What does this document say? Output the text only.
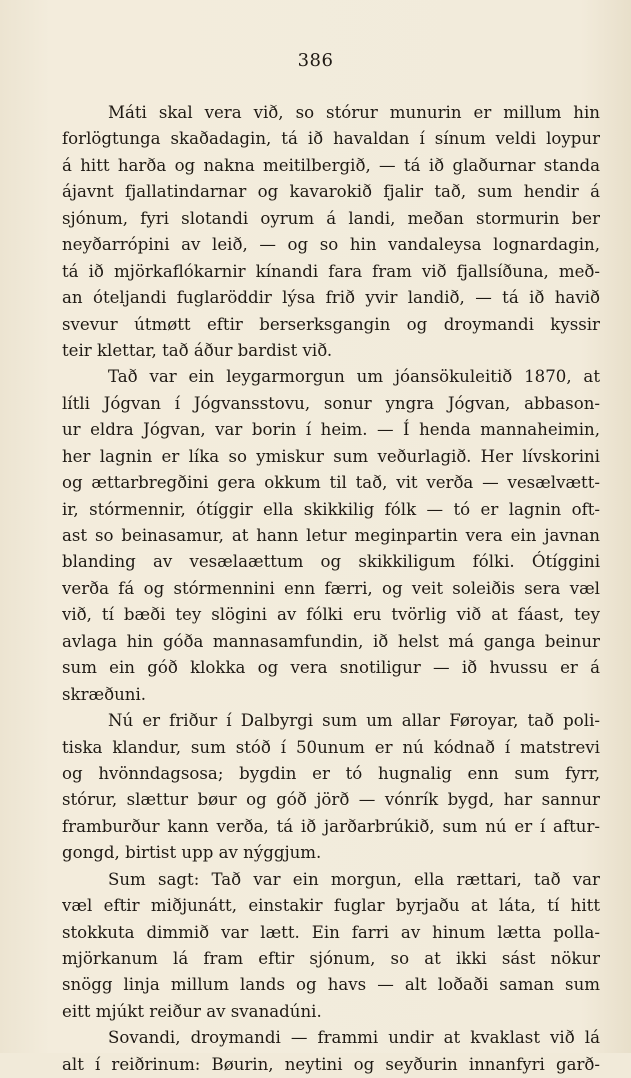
386
Máti skal vera við, so stórur munurin er millum hin
forlögtunga skaðadagin, tá ið havaldan í sínum veldi loypur
á hitt harða og nakna meitilbergið, — tá ið glaðurnar standa
ájavnt fjallatindarnar og kavarokið fjalir tað, sum hendir á
sjónum, fyri slotandi oyrum á landi, meðan stormurin ber
neyðarrópini av leið, — og so hin vandaleysa lognardagin,
tá ið mjörkaflókarnir kínandi fara fram við fjallsíðuna, með-
an óteljandi fuglaröddir lýsa frið yvir landið, — tá ið havið
svevur útmøtt eftir berserksgangin og droymandi kyssir
teir klettar, tað áður bardist við.
Tað var ein leygarmorgun um jóansökuleitið 1870, at
lítli Jógvan í Jógvansstovu, sonur yngra Jógvan, abbason-
ur eldra Jógvan, var borin í heim. — Í henda mannaheimin,
her lagnin er líka so ymiskur sum veðurlagið. Her lívskorini
og ættarbregðini gera okkum til tað, vit verða — vesælvætt-
ir, stórmennir, ótíggir ella skikkilig fólk — tó er lagnin oft-
ast so beinasamur, at hann letur meginpartin vera ein javnan
blanding av vesælaættum og skikkiligum fólki. Ótíggini
verða fá og stórmennini enn færri, og veit soleiðis sera væl
við, tí bæði tey slögini av fólki eru tvörlig við at fáast, tey
avlaga hin góða mannasamfundin, ið helst má ganga beinur
sum ein góð klokka og vera snotiligur — ið hvussu er á
skræðuni.
Nú er friður í Dalbyrgi sum um allar Føroyar, tað poli-
tiska klandur, sum stóð í 50unum er nú kódnað í matstrevi
og hvönndagsosa; bygdin er tó hugnalig enn sum fyrr,
stórur, slættur bøur og góð jörð — vónrík bygd, har sannur
framburður kann verða, tá ið jarðarbrúkið, sum nú er í aftur-
gongd, birtist upp av nýggjum.
Sum sagt: Tað var ein morgun, ella rættari, tað var
væl eftir miðjunátt, einstakir fuglar byrjaðu at láta, tí hitt
stokkuta dimmið var lætt. Ein farri av hinum lætta polla-
mjörkanum lá fram eftir sjónum, so at ikki sást nökur
snögg linja millum lands og havs — alt loðaði saman sum
eitt mjúkt reiður av svanadúni.
Sovandi, droymandi — frammi undir at kvaklast við lá
alt í reiðrinum: Bøurin, neytini og seyðurin innanfyri garð-
